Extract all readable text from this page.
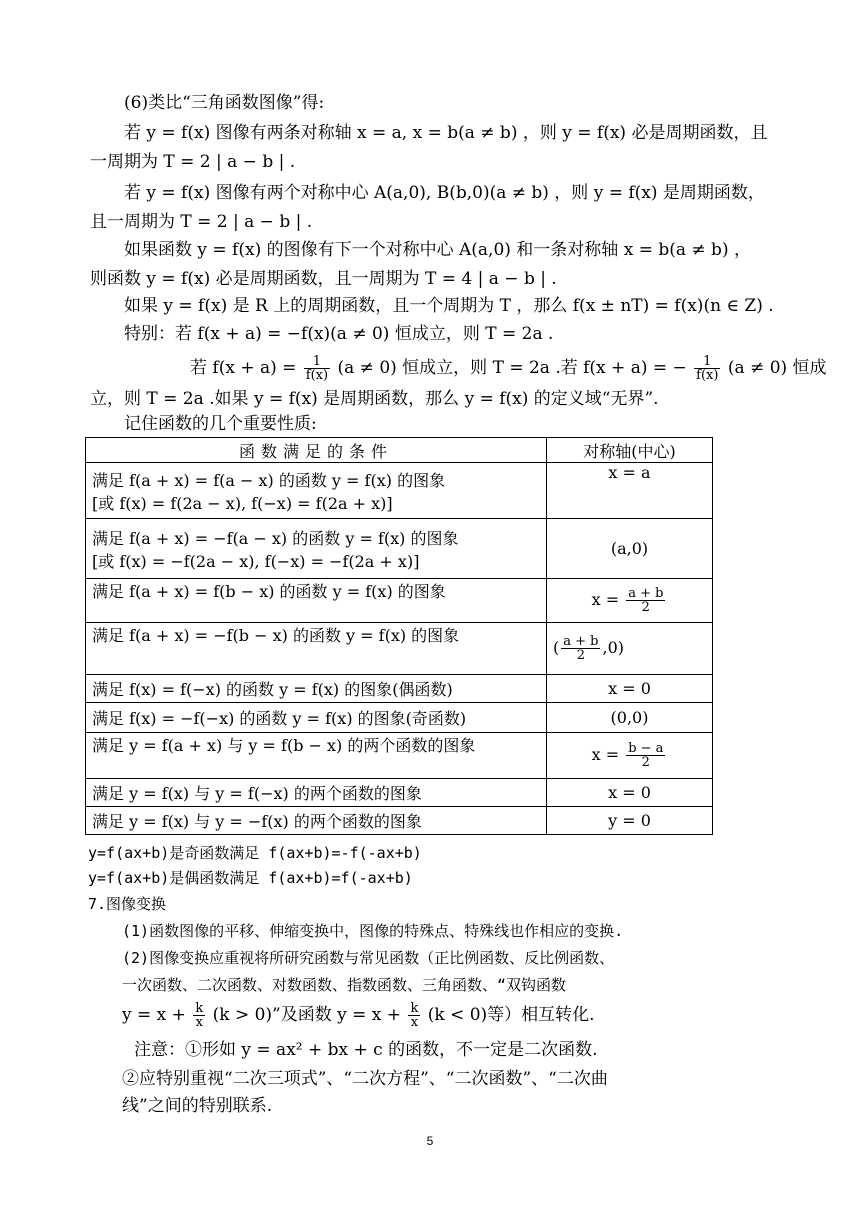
(6)类比“三角函数图像”得:
若 y = f(x) 图像有两条对称轴 x = a, x = b(a ≠ b) ，则 y = f(x) 必是周期函数，且
一周期为 T = 2 | a − b | .
若 y = f(x) 图像有两个对称中心 A(a,0), B(b,0)(a ≠ b) ，则 y = f(x) 是周期函数，
且一周期为 T = 2 | a − b | .
如果函数 y = f(x) 的图像有下一个对称中心 A(a,0) 和一条对称轴 x = b(a ≠ b) ，
则函数 y = f(x) 必是周期函数，且一周期为 T = 4 | a − b | .
如果 y = f(x) 是 R 上的周期函数，且一个周期为 T ，那么 f(x ± nT) = f(x)(n ∈ Z) .
特别：若 f(x + a) = −f(x)(a ≠ 0) 恒成立，则 T = 2a .
若 $f(x + a) = \frac{1}{f(x)} (a \ne 0)$ 恒成立，则 T = 2a .若 f(x + a) = − $\frac{1}{f(x)} (a \ne 0)$ 恒成
立，则 T = 2a .如果 y = f(x) 是周期函数，那么 y = f(x) 的定义域“无界”.
记住函数的几个重要性质:
函数满足的条件	对称轴(中心)

满足 f(a + x) = f(a − x) 的函数 y = f(x) 的图象
[或 f(x) = f(2a − x), f(−x) = f(2a + x)]	x = a

满足 f(a + x) = −f(a − x) 的函数 y = f(x) 的图象
[或 f(x) = −f(2a − x), f(−x) = −f(2a + x)]	(a,0)
满足 f(a + x) = f(b − x) 的函数 y = f(x) 的图象	$x = \frac{a + b}{2}$

满足 f(a + x) = −f(b − x) 的函数 y = f(x) 的图象	( $\frac{a + b}{2} ,0$)
满足 f(x) = f(−x) 的函数 y = f(x) 的图象(偶函数)	x = 0
满足 f(x) = −f(−x) 的函数 y = f(x) 的图象(奇函数)	(0,0)
满足 y = f(a + x) 与 y = f(b − x) 的两个函数的图象	$x = \frac{b - a}{2}$

满足 y = f(x) 与 y = f(−x) 的两个函数的图象	x = 0
满足 y = f(x) 与 y = −f(x) 的两个函数的图象	y = 0
y=f(ax+b)是奇函数满足 f(ax+b)=-f(-ax+b)
y=f(ax+b)是偶函数满足 f(ax+b)=f(-ax+b)
7.图像变换
(1)函数图像的平移、伸缩变换中，图像的特殊点、特殊线也作相应的变换.
(2)图像变换应重视将所研究函数与常见函数（正比例函数、反比例函数、
一次函数、二次函数、对数函数、指数函数、三角函数、“双钩函数
$y = x + \frac{k}{x} (k > 0)$”及函数 $y = x + \frac{k}{x} (k < 0)$等）相互转化.
注意：①形如 y = ax² + bx + c 的函数，不一定是二次函数.
②应特别重视“二次三项式”、“二次方程”、“二次函数”、“二次曲
线”之间的特别联系.
5
